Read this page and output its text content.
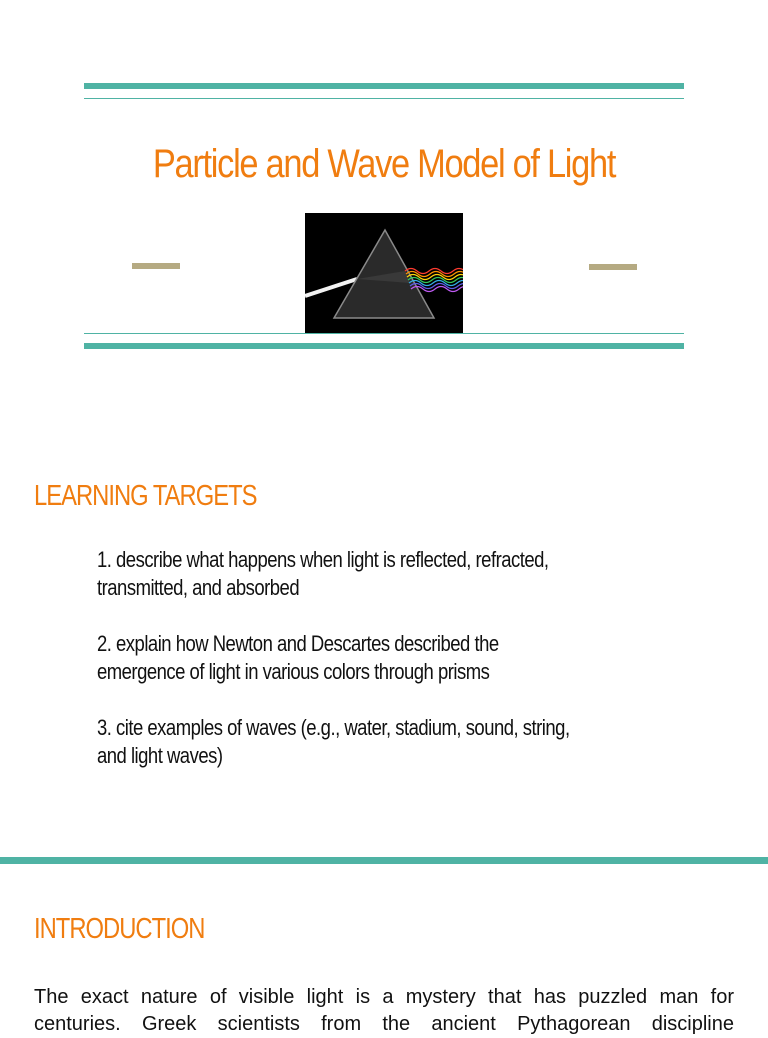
Particle and Wave Model of Light
LEARNING TARGETS
1. describe what happens when light is reflected, refracted,
transmitted, and absorbed
2. explain how Newton and Descartes described the
emergence of light in various colors through prisms
3. cite examples of waves (e.g., water, stadium, sound, string,
and light waves)
INTRODUCTION
The exact nature of visible light is a mystery that has puzzled man for
centuries. Greek scientists from the ancient Pythagorean discipline
